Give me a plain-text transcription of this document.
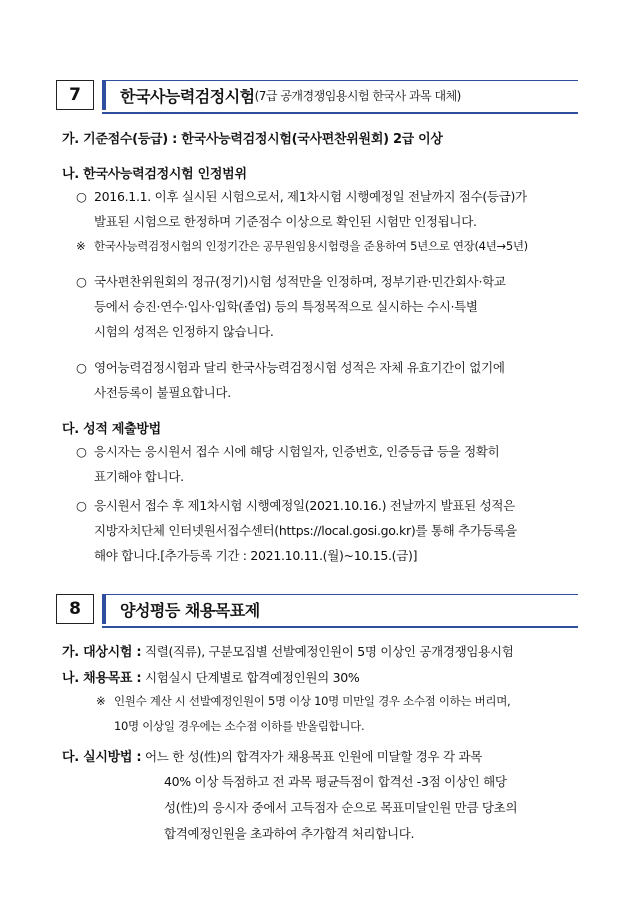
7	한국사능력검정시험 (7급 공개경쟁임용시험 한국사 과목 대체)
가. 기준점수(등급) : 한국사능력검정시험(국사편찬위원회) 2급 이상
나. 한국사능력검정시험 인정범위
○ 2016.1.1. 이후 실시된 시험으로서, 제1차시험 시행예정일 전날까지 점수(등급)가
발표된 시험으로 한정하며 기준점수 이상으로 확인된 시험만 인정됩니다.
※ 한국사능력검정시험의 인정기간은 공무원임용시험령을 준용하여 5년으로 연장(4년→5년)
○ 국사편찬위원회의 정규(정기)시험 성적만을 인정하며, 정부기관·민간회사·학교
등에서 승진·연수·입사·입학(졸업) 등의 특정목적으로 실시하는 수시·특별
시험의 성적은 인정하지 않습니다.
○ 영어능력검정시험과 달리 한국사능력검정시험 성적은 자체 유효기간이 없기에
사전등록이 불필요합니다.
다. 성적 제출방법
○ 응시자는 응시원서 접수 시에 해당 시험일자, 인증번호, 인증등급 등을 정확히
표기해야 합니다.
○ 응시원서 접수 후 제1차시험 시행예정일(2021.10.16.) 전날까지 발표된 성적은
지방자치단체 인터넷원서접수센터(https://local.gosi.go.kr)를 통해 추가등록을
해야 합니다.[추가등록 기간 : 2021.10.11.(월)~10.15.(금)]
8	양성평등 채용목표제
가. 대상시험 : 직렬(직류), 구분모집별 선발예정인원이 5명 이상인 공개경쟁임용시험
나. 채용목표 : 시험실시 단계별로 합격예정인원의 30%
※ 인원수 계산 시 선발예정인원이 5명 이상 10명 미만일 경우 소수점 이하는 버리며,
10명 이상일 경우에는 소수점 이하를 반올림합니다.
다. 실시방법 : 어느 한 성(性)의 합격자가 채용목표 인원에 미달할 경우 각 과목
40% 이상 득점하고 전 과목 평균득점이 합격선 -3점 이상인 해당
성(性)의 응시자 중에서 고득점자 순으로 목표미달인원 만큼 당초의
합격예정인원을 초과하여 추가합격 처리합니다.
